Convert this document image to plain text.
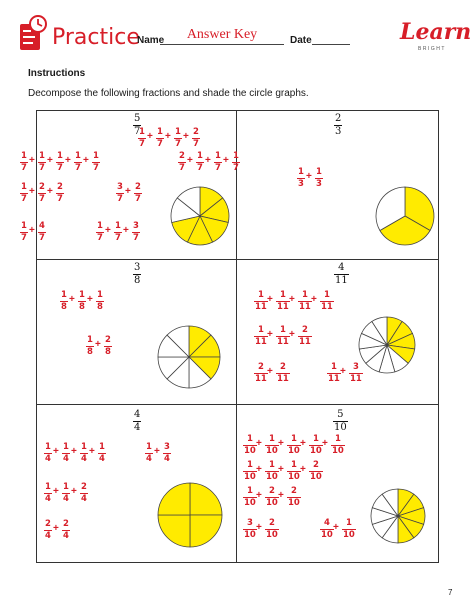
Practice
Name	Answer Key	Date	Learn
BRIGHT
Instructions
Decompose the following fractions and shade the circle graphs.
$\frac{5}{7}$
$\frac{1}{7} + \frac{1}{7} + \frac{1}{7} + \frac{2}{7}$
$\frac{1}{7} + \frac{1}{7} + \frac{1}{7} + \frac{1}{7} + \frac{1}{7}$	$\frac{2}{7} + \frac{1}{7} + \frac{1}{7} + \frac{1}{7}$
$\frac{1}{7} + \frac{2}{7} + \frac{2}{7}$	$\frac{3}{7} + \frac{2}{7}$
$\frac{1}{7} + \frac{4}{7}$	$\frac{1}{7} + \frac{1}{7} + \frac{3}{7}$
$\frac{2}{3}$
$\frac{1}{3} + \frac{1}{3}$
$\frac{3}{8}$
$\frac{1}{8} + \frac{1}{8} + \frac{1}{8}$
$\frac{1}{8} + \frac{2}{8}$
$\frac{4}{11}$
$\frac{1}{11} + \frac{1}{11} + \frac{1}{11} + \frac{1}{11}$
$\frac{1}{11} + \frac{1}{11} + \frac{2}{11}$
$\frac{2}{11} + \frac{2}{11}$	$\frac{1}{11} + \frac{3}{11}$
$\frac{4}{4}$
$\frac{1}{4} + \frac{1}{4} + \frac{1}{4} + \frac{1}{4}$	$\frac{1}{4} + \frac{3}{4}$
$\frac{1}{4} + \frac{1}{4} + \frac{2}{4}$
$\frac{2}{4} + \frac{2}{4}$
$\frac{5}{10}$
$\frac{1}{10} + \frac{1}{10} + \frac{1}{10} + \frac{1}{10} + \frac{1}{10}$
$\frac{1}{10} + \frac{1}{10} + \frac{1}{10} + \frac{2}{10}$
$\frac{1}{10} + \frac{2}{10} + \frac{2}{10}$
$\frac{3}{10} + \frac{2}{10}$	$\frac{4}{10} + \frac{1}{10}$
7
